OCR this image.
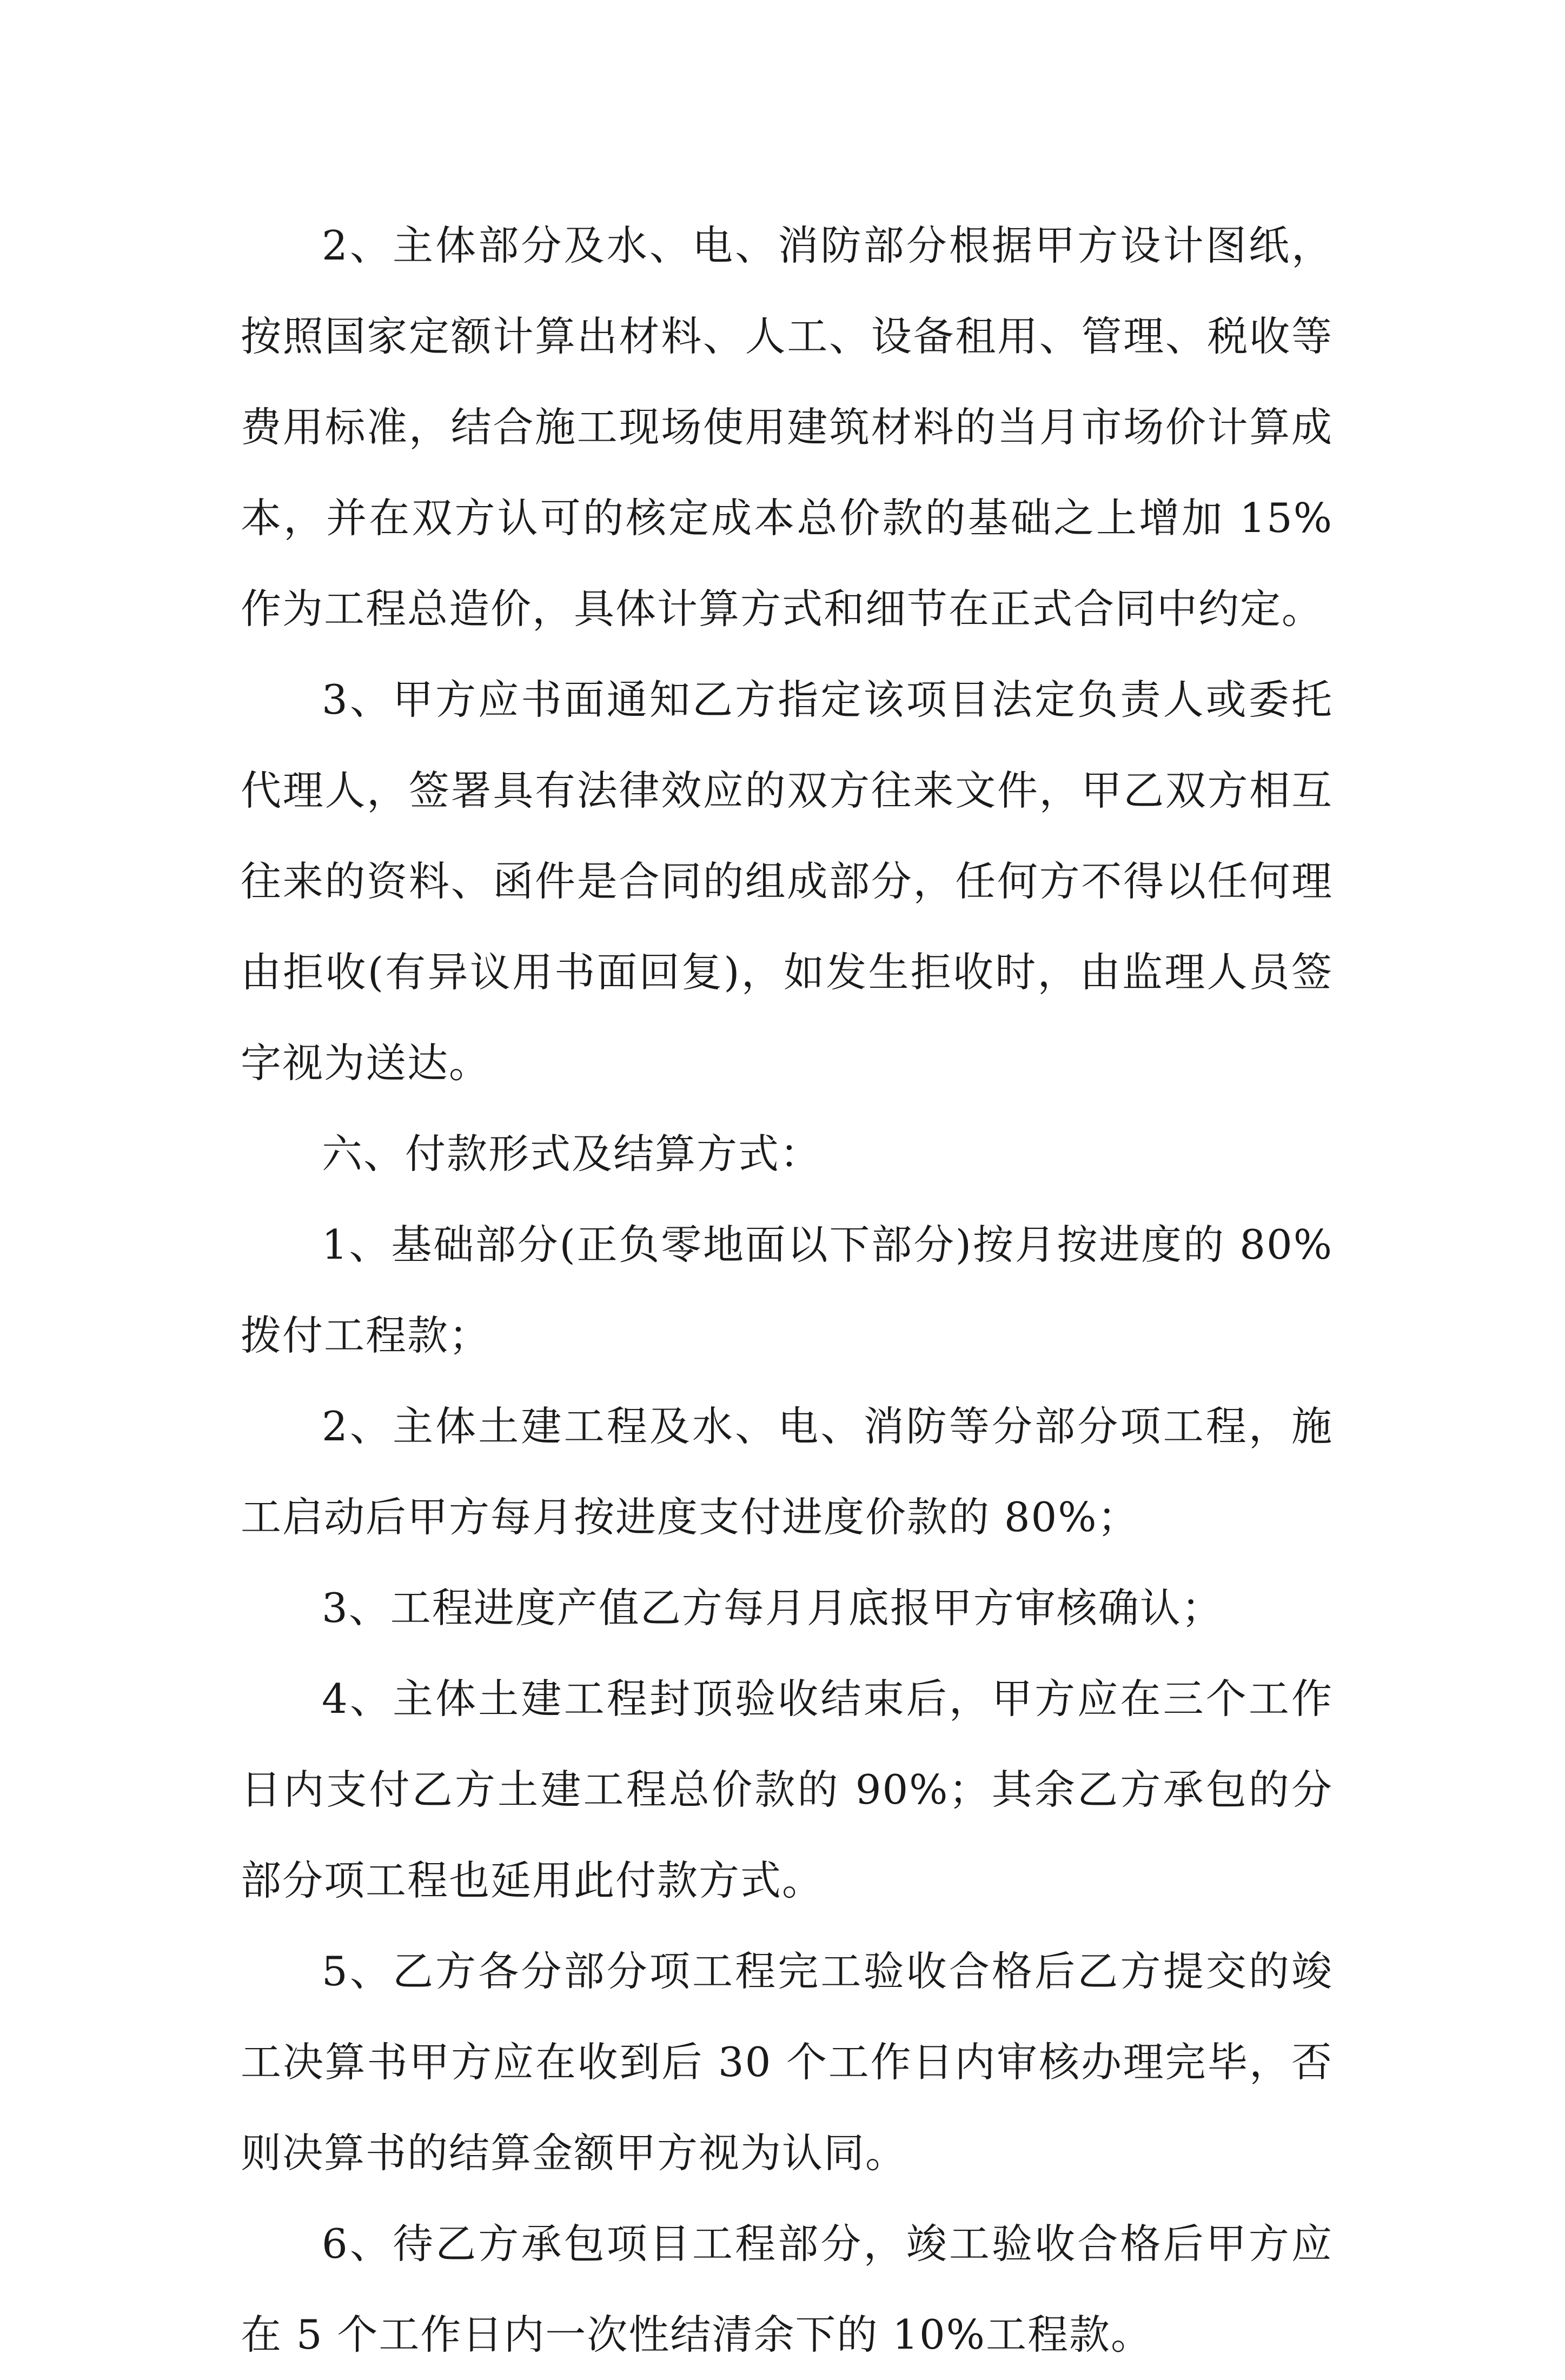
2、主体部分及水、电、消防部分根据甲方设计图纸，按照国家定额计算出材料、人工、设备租用、管理、税收等费用标准，结合施工现场使用建筑材料的当月市场价计算成本，并在双方认可的核定成本总价款的基础之上增加 15%作为工程总造价，具体计算方式和细节在正式合同中约定。

3、甲方应书面通知乙方指定该项目法定负责人或委托代理人，签署具有法律效应的双方往来文件，甲乙双方相互往来的资料、函件是合同的组成部分，任何方不得以任何理由拒收(有异议用书面回复)，如发生拒收时，由监理人员签字视为送达。

六、付款形式及结算方式：

1、基础部分(正负零地面以下部分)按月按进度的 80%拨付工程款；

2、主体土建工程及水、电、消防等分部分项工程，施工启动后甲方每月按进度支付进度价款的 80%；

3、工程进度产值乙方每月月底报甲方审核确认；

4、主体土建工程封顶验收结束后，甲方应在三个工作日内支付乙方土建工程总价款的 90%；其余乙方承包的分部分项工程也延用此付款方式。

5、乙方各分部分项工程完工验收合格后乙方提交的竣工决算书甲方应在收到后 30 个工作日内审核办理完毕，否则决算书的结算金额甲方视为认同。

6、待乙方承包项目工程部分，竣工验收合格后甲方应在 5 个工作日内一次性结清余下的 10%工程款。
